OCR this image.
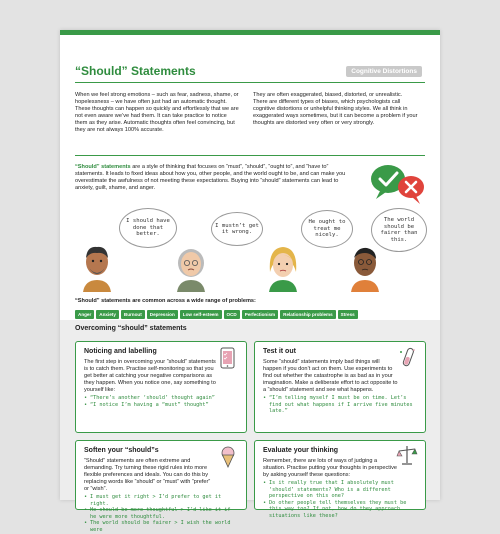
“Should” Statements	Cognitive Distortions

When we feel strong emotions – such as fear, sadness, shame, or hopelessness – we have often just had an automatic thought. These thoughts can happen so quickly and effortlessly that we are not even aware we’ve had them. It can take practice to notice them as they arise. Automatic thoughts often feel convincing, but they are not always 100% accurate.

They are often exaggerated, biased, distorted, or unrealistic. There are different types of biases, which psychologists call cognitive distortions or unhelpful thinking styles. We all think in exaggerated ways sometimes, but it can become a problem if your thoughts are distorted very often or very strongly.

“Should” statements are a style of thinking that focuses on “must”, “should”, “ought to”, and “have to” statements. It leads to fixed ideas about how you, other people, and the world ought to be, and can make you overestimate the awfulness of not meeting these expectations. Buying into “should” statements can lead to anxiety, guilt, shame, and anger.

I should have done that better.
I mustn’t get it wrong.
He ought to treat me nicely.
The world should be fairer than this.
“Should” statements are common across a wide range of problems:
Anger	Anxiety	Burnout	Depression	Low self-esteem	OCD	Perfectionism	Relationship problems	Stress
Overcoming “should” statements
Noticing and labelling

The first step in overcoming your “should” statements is to catch them. Practise self-monitoring so that you get better at catching your negative comparisons as they happen. When you notice one, say something to yourself like:

• “There’s another ‘should’ thought again”
• “I notice I’m having a “must” thought”
Test it out

Some “should” statements imply bad things will happen if you don’t act on them. Use experiments to find out whether the catastrophe is as bad as in your imagination. Make a deliberate effort to act opposite to a “should” statement and see what happens.

• “I’m telling myself I must be on time. Let’s find out what happens if I arrive five minutes late.”
Soften your “should”s

“Should” statements are often extreme and demanding. Try turning these rigid rules into more flexible preferences and ideals. You can do this by replacing words like “should” or “must” with “prefer” or “wish”.

• I must get it right > I’d prefer to get it right.
• He should be more thoughtful > I’d like it if he were more thoughtful.
• The world should be fairer > I wish the world were
Evaluate your thinking

Remember, there are lots of ways of judging a situation. Practise putting your thoughts in perspective by asking yourself these questions:

• Is it really true that I absolutely must ‘should’ statements? Who is a different perspective on this one?
• Do other people tell themselves they must be this way too? If not, how do they approach situations like these?
